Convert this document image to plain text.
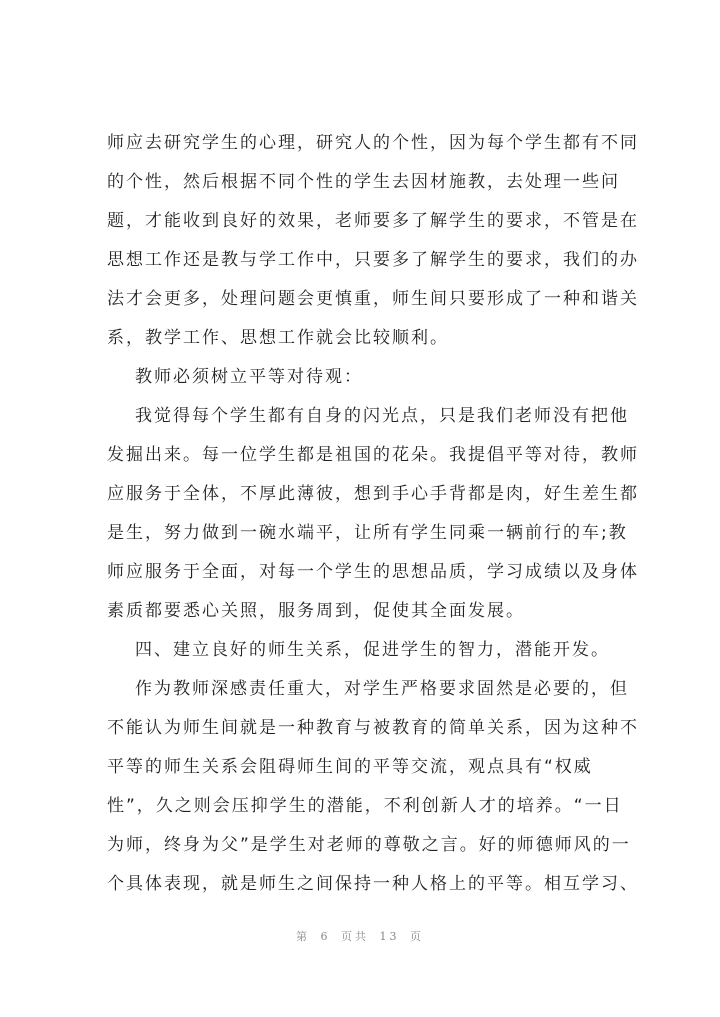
师应去研究学生的心理，研究人的个性，因为每个学生都有不同
的个性，然后根据不同个性的学生去因材施教，去处理一些问
题，才能收到良好的效果，老师要多了解学生的要求，不管是在
思想工作还是教与学工作中，只要多了解学生的要求，我们的办
法才会更多，处理问题会更慎重，师生间只要形成了一种和谐关
系，教学工作、思想工作就会比较顺利。
教师必须树立平等对待观：
我觉得每个学生都有自身的闪光点，只是我们老师没有把他
发掘出来。每一位学生都是祖国的花朵。我提倡平等对待，教师
应服务于全体，不厚此薄彼，想到手心手背都是肉，好生差生都
是生，努力做到一碗水端平，让所有学生同乘一辆前行的车;教
师应服务于全面，对每一个学生的思想品质，学习成绩以及身体
素质都要悉心关照，服务周到，促使其全面发展。
四、建立良好的师生关系，促进学生的智力，潜能开发。
作为教师深感责任重大，对学生严格要求固然是必要的，但
不能认为师生间就是一种教育与被教育的简单关系，因为这种不
平等的师生关系会阻碍师生间的平等交流，观点具有“权威
性”，久之则会压抑学生的潜能，不利创新人才的培养。“一日
为师，终身为父”是学生对老师的尊敬之言。好的师德师风的一
个具体表现，就是师生之间保持一种人格上的平等。相互学习、
第 6 页共 13 页
